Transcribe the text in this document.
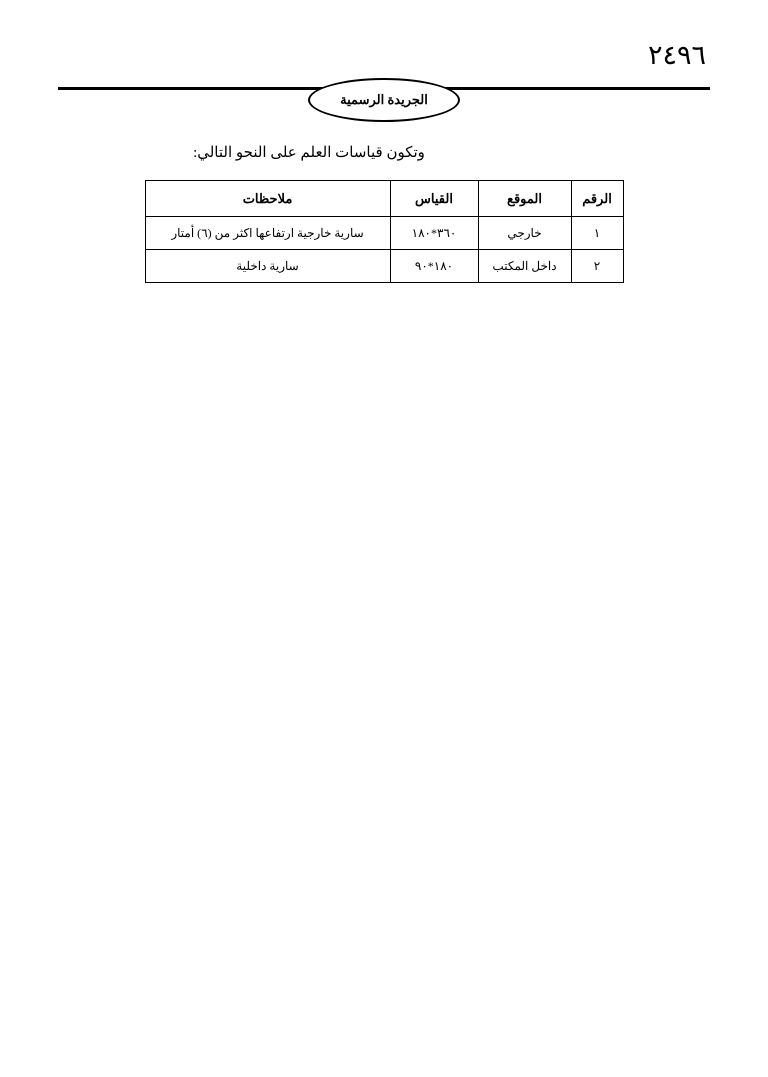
٢٤٩٦
الجريدة الرسمية
وتكون قياسات العلم على النحو التالي:
الرقم	الموقع	القياس	ملاحظات
١	خارجي	٣٦٠*١٨٠	سارية خارجية ارتفاعها اكثر من (٦) أمتار
٢	داخل المكتب	١٨٠*٩٠	سارية داخلية
